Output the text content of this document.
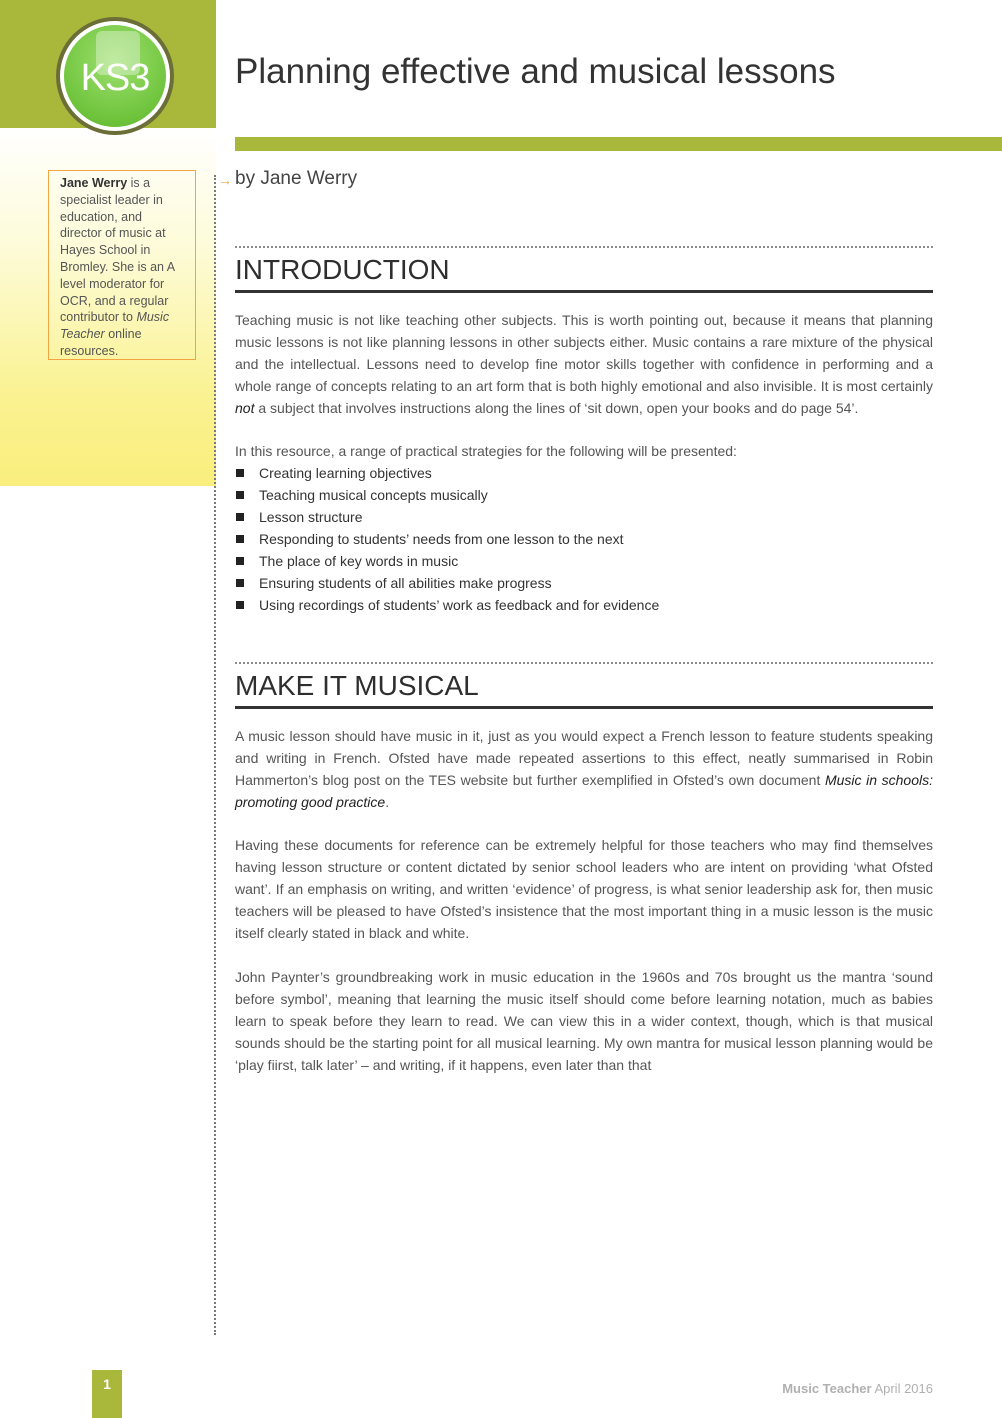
KS3	Planning effective and musical lessons
Jane Werry is a specialist leader in education, and director of music at Hayes School in Bromley. She is an A level moderator for OCR, and a regular contributor to Music Teacher online resources.
→ by Jane Werry
INTRODUCTION

Teaching music is not like teaching other subjects. This is worth pointing out, because it means that planning music lessons is not like planning lessons in other subjects either. Music contains a rare mixture of the physical and the intellectual. Lessons need to develop fine motor skills together with confidence in performing and a whole range of concepts relating to an art form that is both highly emotional and also invisible. It is most certainly not a subject that involves instructions along the lines of ‘sit down, open your books and do page 54’.

In this resource, a range of practical strategies for the following will be presented:

Creating learning objectives
Teaching musical concepts musically
Lesson structure
Responding to students’ needs from one lesson to the next
The place of key words in music
Ensuring students of all abilities make progress
Using recordings of students’ work as feedback and for evidence
MAKE IT MUSICAL

A music lesson should have music in it, just as you would expect a French lesson to feature students speaking and writing in French. Ofsted have made repeated assertions to this effect, neatly summarised in Robin Hammerton’s blog post on the TES website but further exemplified in Ofsted’s own document Music in schools: promoting good practice.

Having these documents for reference can be extremely helpful for those teachers who may find themselves having lesson structure or content dictated by senior school leaders who are intent on providing ‘what Ofsted want’. If an emphasis on writing, and written ‘evidence’ of progress, is what senior leadership ask for, then music teachers will be pleased to have Ofsted’s insistence that the most important thing in a music lesson is the music itself clearly stated in black and white.

John Paynter’s groundbreaking work in music education in the 1960s and 70s brought us the mantra ‘sound before symbol’, meaning that learning the music itself should come before learning notation, much as babies learn to speak before they learn to read. We can view this in a wider context, though, which is that musical sounds should be the starting point for all musical learning. My own mantra for musical lesson planning would be ‘play fiirst, talk later’ – and writing, if it happens, even later than that

1	Music Teacher April 2016
